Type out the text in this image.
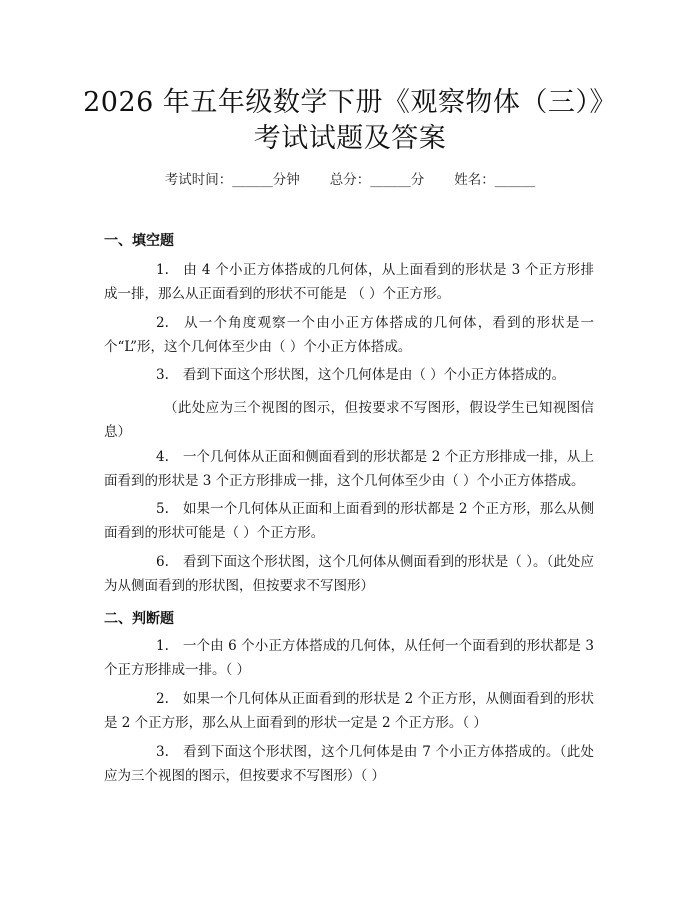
2026 年五年级数学下册《观察物体（三）》
考试试题及答案
考试时间：______分钟 总分：______分 姓名：______
一、填空题
1. 由 4 个小正方体搭成的几何体，从上面看到的形状是 3 个正方形排成一排，那么从正面看到的形状不可能是 （ ）个正方形。
2. 从一个角度观察一个由小正方体搭成的几何体，看到的形状是一个“L”形，这个几何体至少由（ ）个小正方体搭成。
3. 看到下面这个形状图，这个几何体是由（ ）个小正方体搭成的。
（此处应为三个视图的图示，但按要求不写图形，假设学生已知视图信息）
4. 一个几何体从正面和侧面看到的形状都是 2 个正方形排成一排，从上面看到的形状是 3 个正方形排成一排，这个几何体至少由（ ）个小正方体搭成。
5. 如果一个几何体从正面和上面看到的形状都是 2 个正方形，那么从侧面看到的形状可能是（ ）个正方形。
6. 看到下面这个形状图，这个几何体从侧面看到的形状是（ ）。（此处应为从侧面看到的形状图，但按要求不写图形）
二、判断题
1. 一个由 6 个小正方体搭成的几何体，从任何一个面看到的形状都是 3 个正方形排成一排。（ ）
2. 如果一个几何体从正面看到的形状是 2 个正方形，从侧面看到的形状是 2 个正方形，那么从上面看到的形状一定是 2 个正方形。（ ）
3. 看到下面这个形状图，这个几何体是由 7 个小正方体搭成的。（此处应为三个视图的图示，但按要求不写图形）（ ）
